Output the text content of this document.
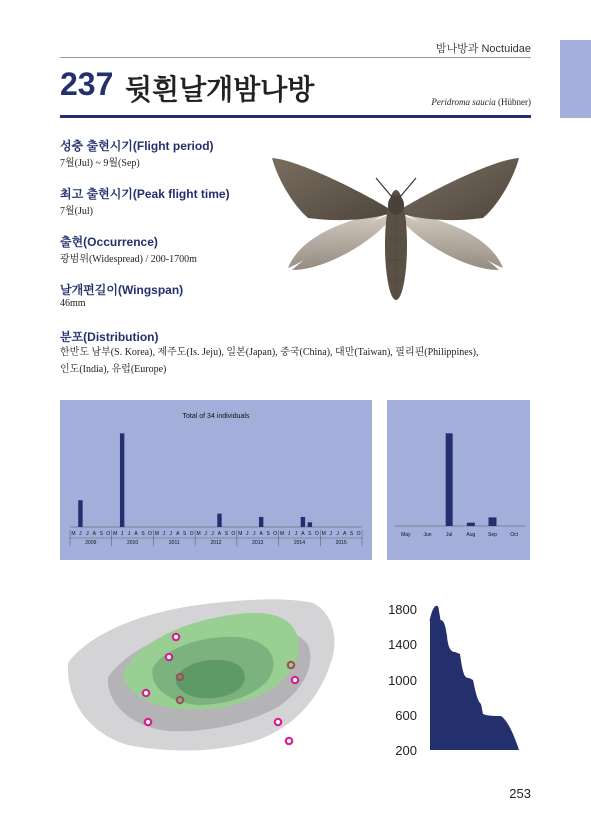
밤나방과 Noctuidae
237 뒷흰날개밤나방	Peridroma saucia (Hübner)
성충 출현시기(Flight period)
7월(Jul) ~ 9월(Sep)
최고 출현시기(Peak flight time)
7월(Jul)
출현(Occurrence)
광범위(Widespread) / 200-1700m
날개편길이(Wingspan)
46mm
분포(Distribution)
한반도 남부(S. Korea), 제주도(Is. Jeju), 일본(Japan), 중국(China), 대만(Taiwan), 필리핀(Philippines), 인도(India), 유럽(Europe)
Total of 34 individuals
M J J A S O M J J A S O M J J A S O M J J A S O M J J A S O M J J A S O M J J A S O
2009	2010	2011	2012	2013	2014	2015
May	Jun	Jul	Aug	Sep	Oct
1800
1400
1000
600
200
253
